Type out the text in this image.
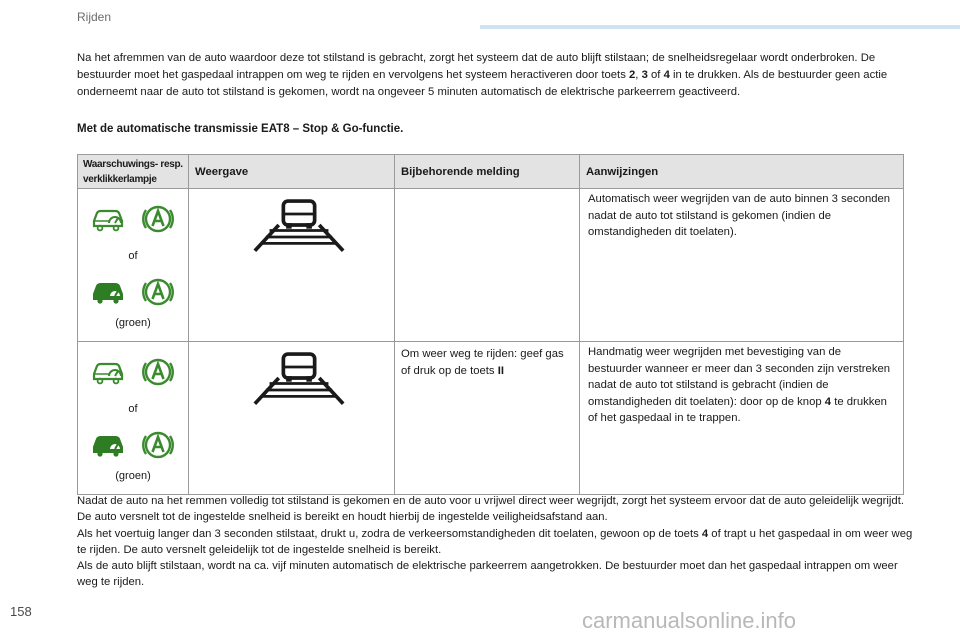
Rijden
Na het afremmen van de auto waardoor deze tot stilstand is gebracht, zorgt het systeem dat de auto blijft stilstaan; de snelheidsregelaar wordt onderbroken. De bestuurder moet het gaspedaal intrappen om weg te rijden en vervolgens het systeem heractiveren door toets 2, 3 of 4 in te drukken. Als de bestuurder geen actie onderneemt naar de auto tot stilstand is gekomen, wordt na ongeveer 5 minuten automatisch de elektrische parkeerrem geactiveerd.
Met de automatische transmissie EAT8 – Stop & Go-functie.
Waarschuwings- resp. verklikkerlampje	Weergave	Bijbehorende melding	Aanwijzingen

of
(groen)			Automatisch weer wegrijden van de auto binnen 3 seconden nadat de auto tot stilstand is gekomen (indien de omstandigheden dit toelaten).

of
(groen)		Om weer weg te rijden: geef gas of druk op de toets II	Handmatig weer wegrijden met bevestiging van de bestuurder wanneer er meer dan 3 seconden zijn verstreken nadat de auto tot stilstand is gebracht (indien de omstandigheden dit toelaten): door op de knop 4 te drukken of het gaspedaal in te trappen.
Nadat de auto na het remmen volledig tot stilstand is gekomen en de auto voor u vrijwel direct weer wegrijdt, zorgt het systeem ervoor dat de auto geleidelijk wegrijdt. De auto versnelt tot de ingestelde snelheid is bereikt en houdt hierbij de ingestelde veiligheidsafstand aan.
Als het voertuig langer dan 3 seconden stilstaat, drukt u, zodra de verkeersomstandigheden dit toelaten, gewoon op de toets 4 of trapt u het gaspedaal in om weer weg te rijden. De auto versnelt geleidelijk tot de ingestelde snelheid is bereikt.
Als de auto blijft stilstaan, wordt na ca. vijf minuten automatisch de elektrische parkeerrem aangetrokken. De bestuurder moet dan het gaspedaal intrappen om weer weg te rijden.
158	carmanualsonline.info
